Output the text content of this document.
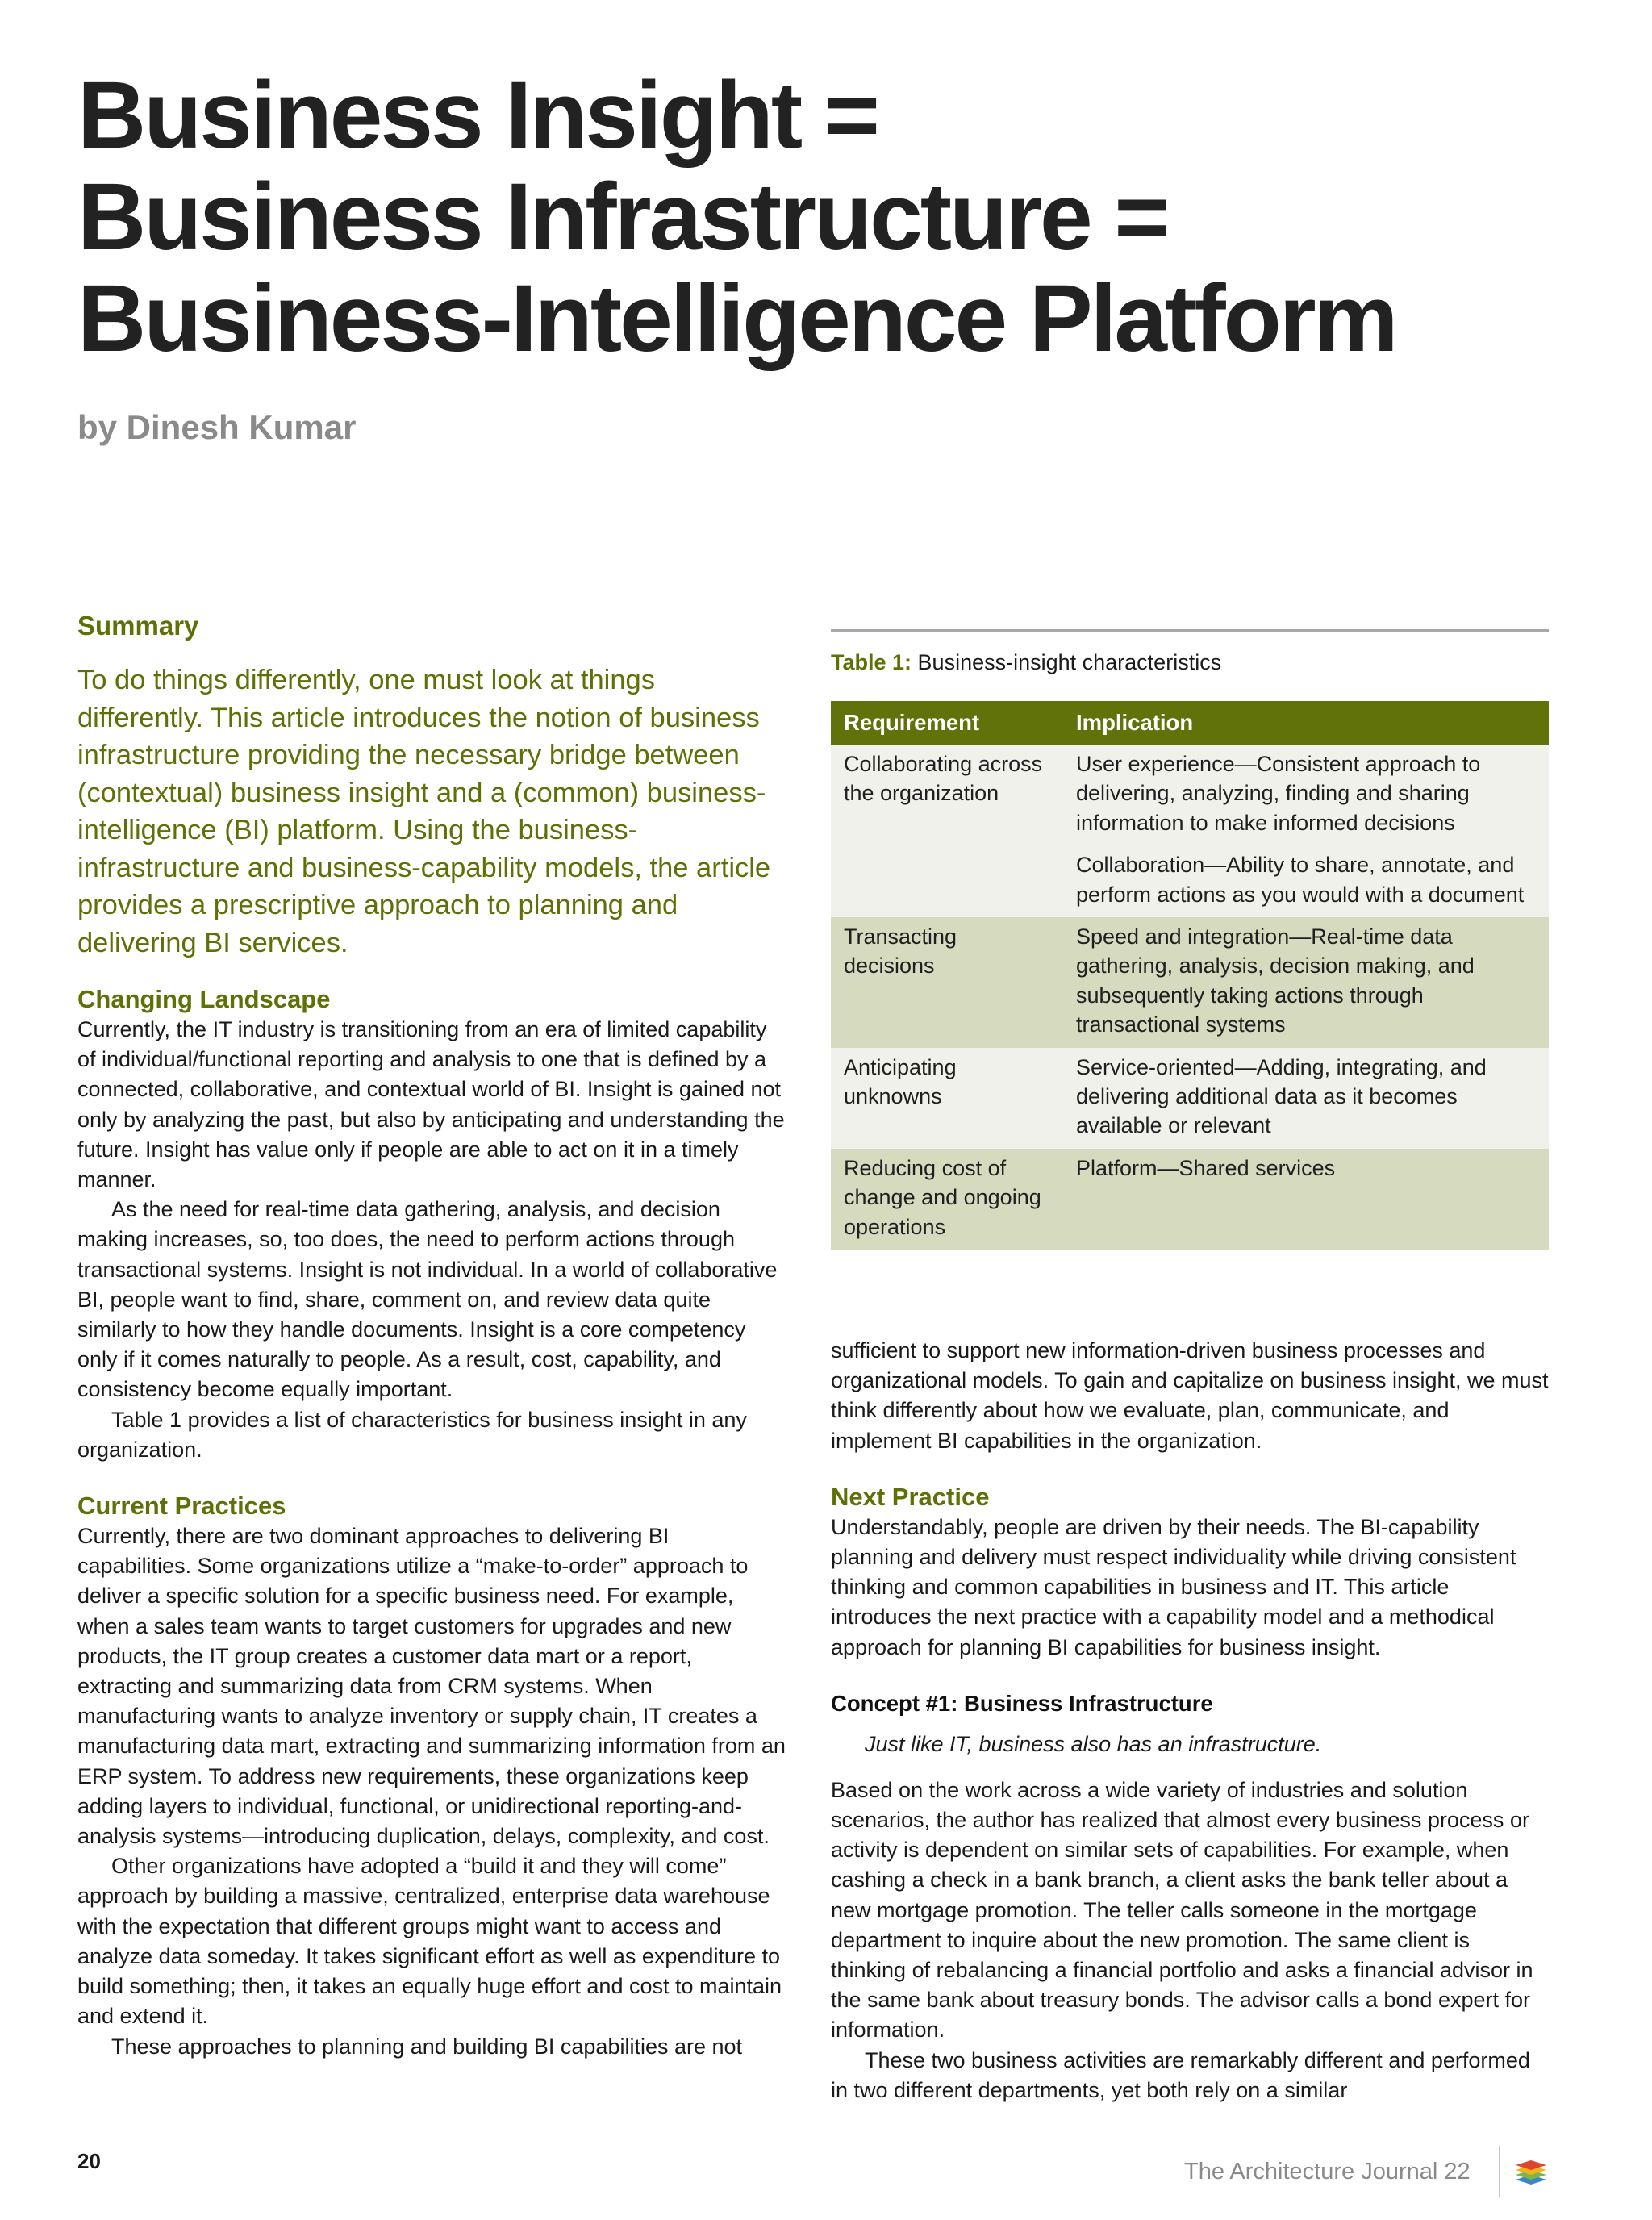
Business Insight =
Business Infrastructure =
Business-Intelligence Platform

by Dinesh Kumar

Summary

To do things differently, one must look at things differently. This article introduces the notion of business infrastructure providing the necessary bridge between (contextual) business insight and a (common) business-intelligence (BI) platform. Using the business-infrastructure and business-capability models, the article provides a prescriptive approach to planning and delivering BI services.

Changing Landscape

Currently, the IT industry is transitioning from an era of limited capability of individual/functional reporting and analysis to one that is defined by a connected, collaborative, and contextual world of BI. Insight is gained not only by analyzing the past, but also by anticipating and understanding the future. Insight has value only if people are able to act on it in a timely manner.

As the need for real-time data gathering, analysis, and decision making increases, so, too does, the need to perform actions through transactional systems. Insight is not individual. In a world of collaborative BI, people want to find, share, comment on, and review data quite similarly to how they handle documents. Insight is a core competency only if it comes naturally to people. As a result, cost, capability, and consistency become equally important.

Table 1 provides a list of characteristics for business insight in any organization.

Current Practices

Currently, there are two dominant approaches to delivering BI capabilities. Some organizations utilize a “make-to-order” approach to deliver a specific solution for a specific business need. For example, when a sales team wants to target customers for upgrades and new products, the IT group creates a customer data mart or a report, extracting and summarizing data from CRM systems. When manufacturing wants to analyze inventory or supply chain, IT creates a manufacturing data mart, extracting and summarizing information from an ERP system. To address new requirements, these organizations keep adding layers to individual, functional, or unidirectional reporting-and-analysis systems—introducing duplication, delays, complexity, and cost.

Other organizations have adopted a “build it and they will come” approach by building a massive, centralized, enterprise data warehouse with the expectation that different groups might want to access and analyze data someday. It takes significant effort as well as expenditure to build something; then, it takes an equally huge effort and cost to maintain and extend it.

These approaches to planning and building BI capabilities are not

Table 1: Business-insight characteristics

Requirement	Implication
Collaborating across the organization	User experience—Consistent approach to delivering, analyzing, finding and sharing information to make informed decisions

Collaboration—Ability to share, annotate, and perform actions as you would with a document

Transacting decisions	Speed and integration—Real-time data gathering, analysis, decision making, and subsequently taking actions through transactional systems

Anticipating unknowns	Service-oriented—Adding, integrating, and delivering additional data as it becomes available or relevant

Reducing cost of change and ongoing operations	Platform—Shared services

sufficient to support new information-driven business processes and organizational models. To gain and capitalize on business insight, we must think differently about how we evaluate, plan, communicate, and implement BI capabilities in the organization.

Next Practice

Understandably, people are driven by their needs. The BI-capability planning and delivery must respect individuality while driving consistent thinking and common capabilities in business and IT. This article introduces the next practice with a capability model and a methodical approach for planning BI capabilities for business insight.

Concept #1: Business Infrastructure

Just like IT, business also has an infrastructure.

Based on the work across a wide variety of industries and solution scenarios, the author has realized that almost every business process or activity is dependent on similar sets of capabilities. For example, when cashing a check in a bank branch, a client asks the bank teller about a new mortgage promotion. The teller calls someone in the mortgage department to inquire about the new promotion. The same client is thinking of rebalancing a financial portfolio and asks a financial advisor in the same bank about treasury bonds. The advisor calls a bond expert for information.

These two business activities are remarkably different and performed in two different departments, yet both rely on a similar

20	The Architecture Journal 22
